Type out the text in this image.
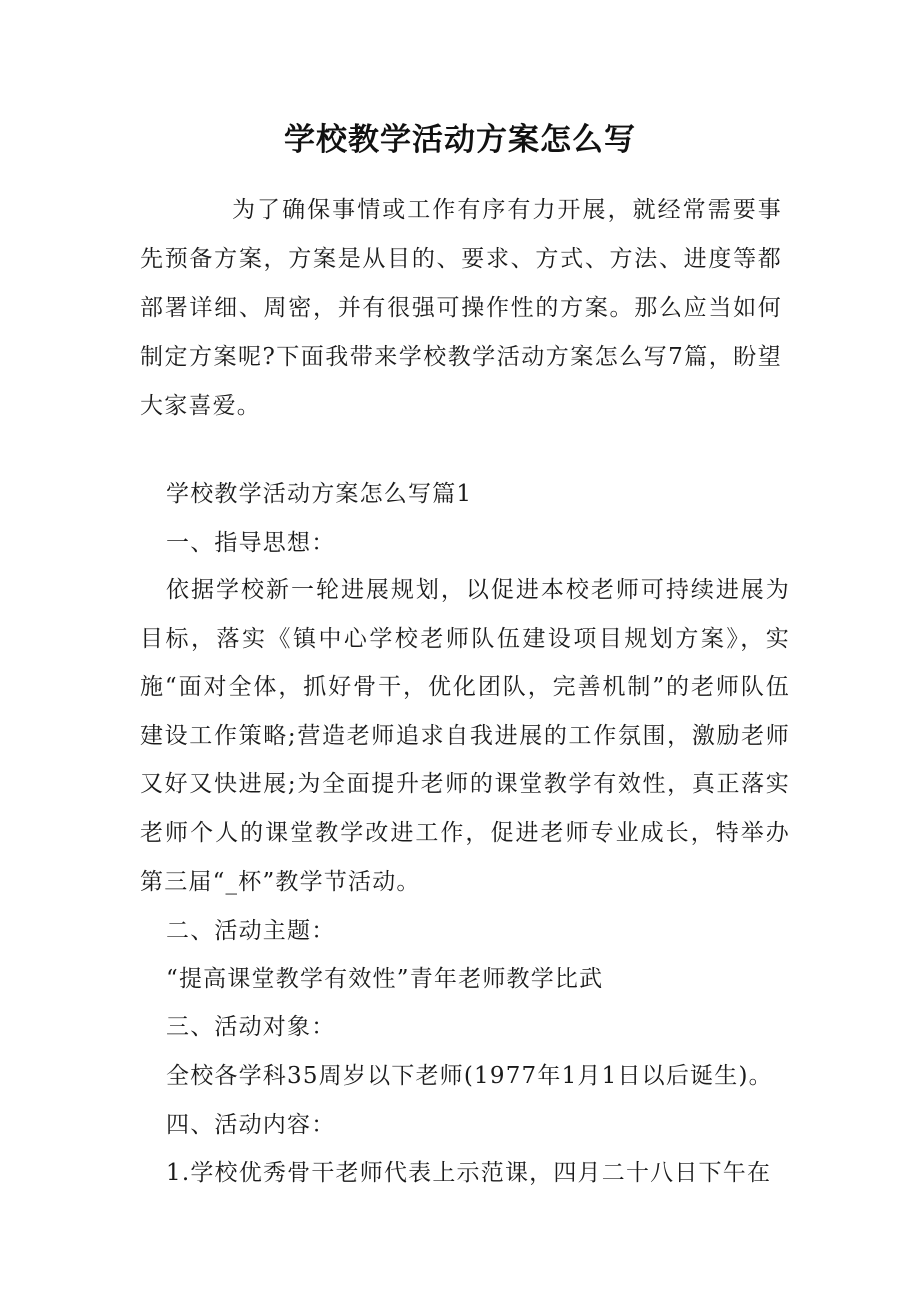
学校教学活动方案怎么写

为了确保事情或工作有序有力开展，就经常需要事先预备方案，方案是从目的、要求、方式、方法、进度等都部署详细、周密，并有很强可操作性的方案。那么应当如何制定方案呢?下面我带来学校教学活动方案怎么写7篇，盼望大家喜爱。

学校教学活动方案怎么写篇1

一、指导思想：

依据学校新一轮进展规划，以促进本校老师可持续进展为目标，落实《镇中心学校老师队伍建设项目规划方案》，实施“面对全体，抓好骨干，优化团队，完善机制”的老师队伍建设工作策略;营造老师追求自我进展的工作氛围，激励老师又好又快进展;为全面提升老师的课堂教学有效性，真正落实老师个人的课堂教学改进工作，促进老师专业成长，特举办第三届“_杯”教学节活动。

二、活动主题：

“提高课堂教学有效性”青年老师教学比武

三、活动对象：

全校各学科35周岁以下老师(1977年1月1日以后诞生)。

四、活动内容：

1.学校优秀骨干老师代表上示范课，四月二十八日下午在
